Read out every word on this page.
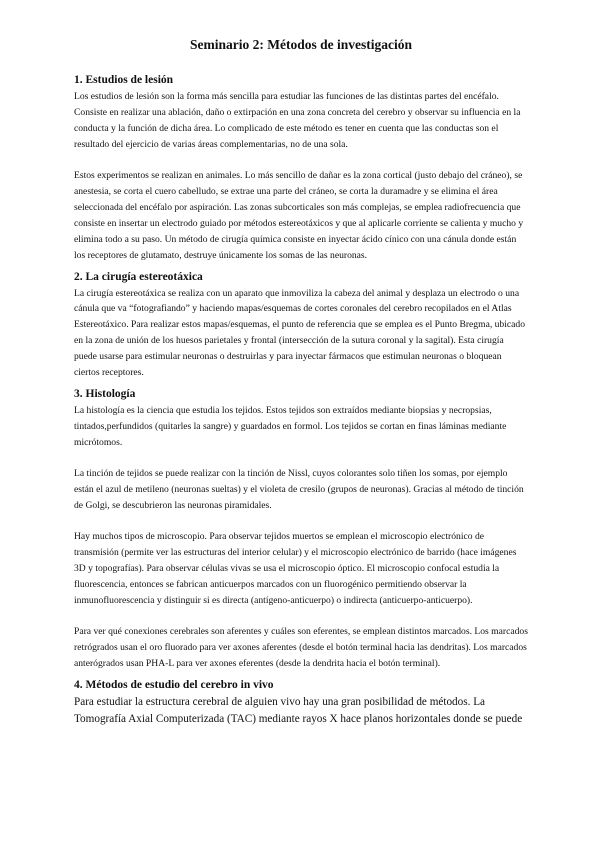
Seminario 2: Métodos de investigación
1. Estudios de lesión

Los estudios de lesión son la forma más sencilla para estudiar las funciones de las distintas partes del encéfalo. Consiste en realizar una ablación, daño o extirpación en una zona concreta del cerebro y observar su influencia en la conducta y la función de dicha área. Lo complicado de este método es tener en cuenta que las conductas son el resultado del ejercicio de varias áreas complementarias, no de una sola.

Estos experimentos se realizan en animales. Lo más sencillo de dañar es la zona cortical (justo debajo del cráneo), se anestesia, se corta el cuero cabelludo, se extrae una parte del cráneo, se corta la duramadre y se elimina el área seleccionada del encéfalo por aspiración. Las zonas subcorticales son más complejas, se emplea radiofrecuencia que consiste en insertar un electrodo guiado por métodos estereotáxicos y que al aplicarle corriente se calienta y mucho y elimina todo a su paso. Un método de cirugía química consiste en inyectar ácido cínico con una cánula donde están los receptores de glutamato, destruye únicamente los somas de las neuronas.

2. La cirugía estereotáxica

La cirugía estereotáxica se realiza con un aparato que inmoviliza la cabeza del animal y desplaza un electrodo o una cánula que va “fotografiando” y haciendo mapas/esquemas de cortes coronales del cerebro recopilados en el Atlas Estereotáxico. Para realizar estos mapas/esquemas, el punto de referencia que se emplea es el Punto Bregma, ubicado en la zona de unión de los huesos parietales y frontal (intersección de la sutura coronal y la sagital). Esta cirugía puede usarse para estimular neuronas o destruirlas y para inyectar fármacos que estimulan neuronas o bloquean ciertos receptores.

3. Histología

La histología es la ciencia que estudia los tejidos. Estos tejidos son extraídos mediante biopsias y necropsias, tintados,perfundidos (quitarles la sangre) y guardados en formol. Los tejidos se cortan en finas láminas mediante micrótomos.

La tinción de tejidos se puede realizar con la tinción de Nissl, cuyos colorantes solo tiñen los somas, por ejemplo están el azul de metileno (neuronas sueltas) y el violeta de cresilo (grupos de neuronas). Gracias al método de tinción de Golgi, se descubrieron las neuronas piramidales.

Hay muchos tipos de microscopio. Para observar tejidos muertos se emplean el microscopio electrónico de transmisión (permite ver las estructuras del interior celular) y el microscopio electrónico de barrido (hace imágenes 3D y topografías). Para observar células vivas se usa el microscopio óptico. El microscopio confocal estudia la fluorescencia, entonces se fabrican anticuerpos marcados con un fluorogénico permitiendo observar la inmunofluorescencia y distinguir si es directa (antígeno-anticuerpo) o indirecta (anticuerpo-anticuerpo).

Para ver qué conexiones cerebrales son aferentes y cuáles son eferentes, se emplean distintos marcados. Los marcados retrógrados usan el oro fluorado para ver axones aferentes (desde el botón terminal hacia las dendritas). Los marcados anterógrados usan PHA-L para ver axones eferentes (desde la dendrita hacia el botón terminal).

4. Métodos de estudio del cerebro in vivo

Para estudiar la estructura cerebral de alguien vivo hay una gran posibilidad de métodos. La Tomografía Axial Computerizada (TAC) mediante rayos X hace planos horizontales donde se puede
